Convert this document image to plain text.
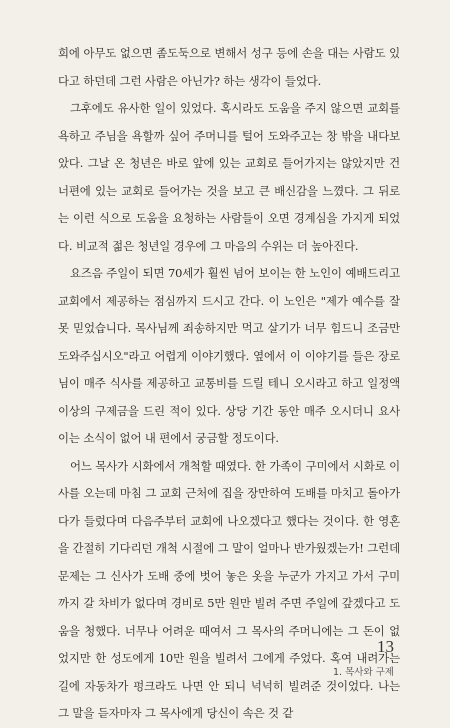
희에 아무도 없으면 좀도둑으로 변해서 성구 등에 손을 대는 사람도 있다고 하던데 그런 사람은 아닌가? 하는 생각이 들었다.

그후에도 유사한 일이 있었다. 혹시라도 도움을 주지 않으면 교회를 욕하고 주님을 욕할까 싶어 주머니를 털어 도와주고는 창 밖을 내다보았다. 그날 온 청년은 바로 앞에 있는 교회로 들어가지는 않았지만 건너편에 있는 교회로 들어가는 것을 보고 큰 배신감을 느꼈다. 그 뒤로는 이런 식으로 도움을 요청하는 사람들이 오면 경계심을 가지게 되었다. 비교적 젊은 청년일 경우에 그 마음의 수위는 더 높아진다.

요즈음 주일이 되면 70세가 훨씬 넘어 보이는 한 노인이 예배드리고 교회에서 제공하는 점심까지 드시고 간다. 이 노인은 "제가 예수를 잘 못 믿었습니다. 목사님께 죄송하지만 먹고 살기가 너무 힘드니 조금만 도와주십시오"라고 어렵게 이야기했다. 옆에서 이 이야기를 들은 장로님이 매주 식사를 제공하고 교통비를 드릴 테니 오시라고 하고 일정액 이상의 구제금을 드린 적이 있다. 상당 기간 동안 매주 오시더니 요사이는 소식이 없어 내 편에서 궁금할 정도이다.

어느 목사가 시화에서 개척할 때였다. 한 가족이 구미에서 시화로 이사를 오는데 마침 그 교회 근처에 집을 장만하여 도배를 마치고 돌아가다가 들렀다며 다음주부터 교회에 나오겠다고 했다는 것이다. 한 영혼을 간절히 기다리던 개척 시절에 그 말이 얼마나 반가웠겠는가! 그런데 문제는 그 신사가 도배 중에 벗어 놓은 옷을 누군가 가지고 가서 구미까지 갈 차비가 없다며 경비로 5만 원만 빌려 주면 주일에 갚겠다고 도움을 청했다. 너무나 어려운 때여서 그 목사의 주머니에는 그 돈이 없었지만 한 성도에게 10만 원을 빌려서 그에게 주었다. 혹여 내려가는 길에 자동차가 펑크라도 나면 안 되니 넉넉히 빌려준 것이었다. 나는 그 말을 듣자마자 그 목사에게 당신이 속은 것 같

13
1. 목사와 구제
